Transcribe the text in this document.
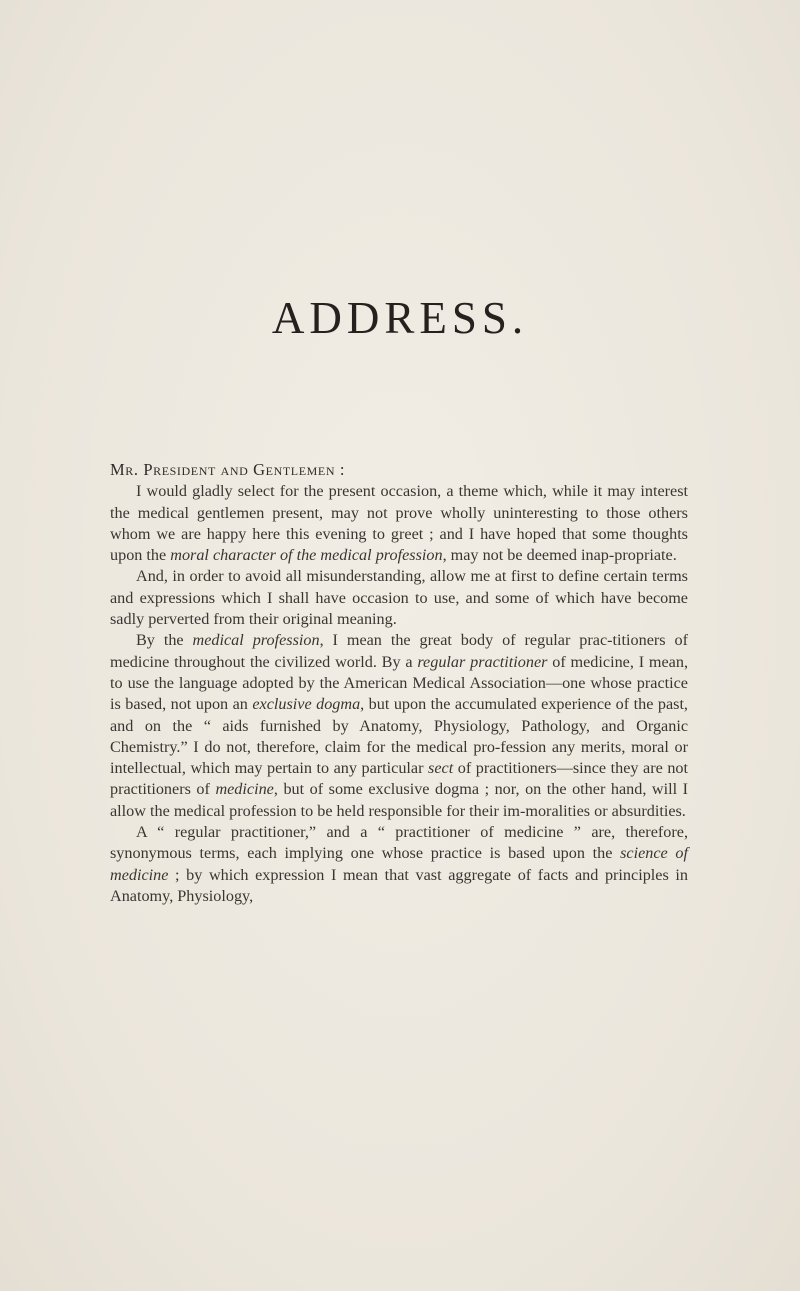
ADDRESS.
Mr. President and Gentlemen :

I would gladly select for the present occasion, a theme which, while it may interest the medical gentlemen present, may not prove wholly uninteresting to those others whom we are happy here this evening to greet ; and I have hoped that some thoughts upon the moral character of the medical profession, may not be deemed inap-propriate.

And, in order to avoid all misunderstanding, allow me at first to define certain terms and expressions which I shall have occasion to use, and some of which have become sadly perverted from their original meaning.

By the medical profession, I mean the great body of regular prac-titioners of medicine throughout the civilized world. By a regular practitioner of medicine, I mean, to use the language adopted by the American Medical Association—one whose practice is based, not upon an exclusive dogma, but upon the accumulated experience of the past, and on the “ aids furnished by Anatomy, Physiology, Pathology, and Organic Chemistry.” I do not, therefore, claim for the medical pro-fession any merits, moral or intellectual, which may pertain to any particular sect of practitioners—since they are not practitioners of medicine, but of some exclusive dogma ; nor, on the other hand, will I allow the medical profession to be held responsible for their im-moralities or absurdities.

A “ regular practitioner,” and a “ practitioner of medicine ” are, therefore, synonymous terms, each implying one whose practice is based upon the science of medicine ; by which expression I mean that vast aggregate of facts and principles in Anatomy, Physiology,
